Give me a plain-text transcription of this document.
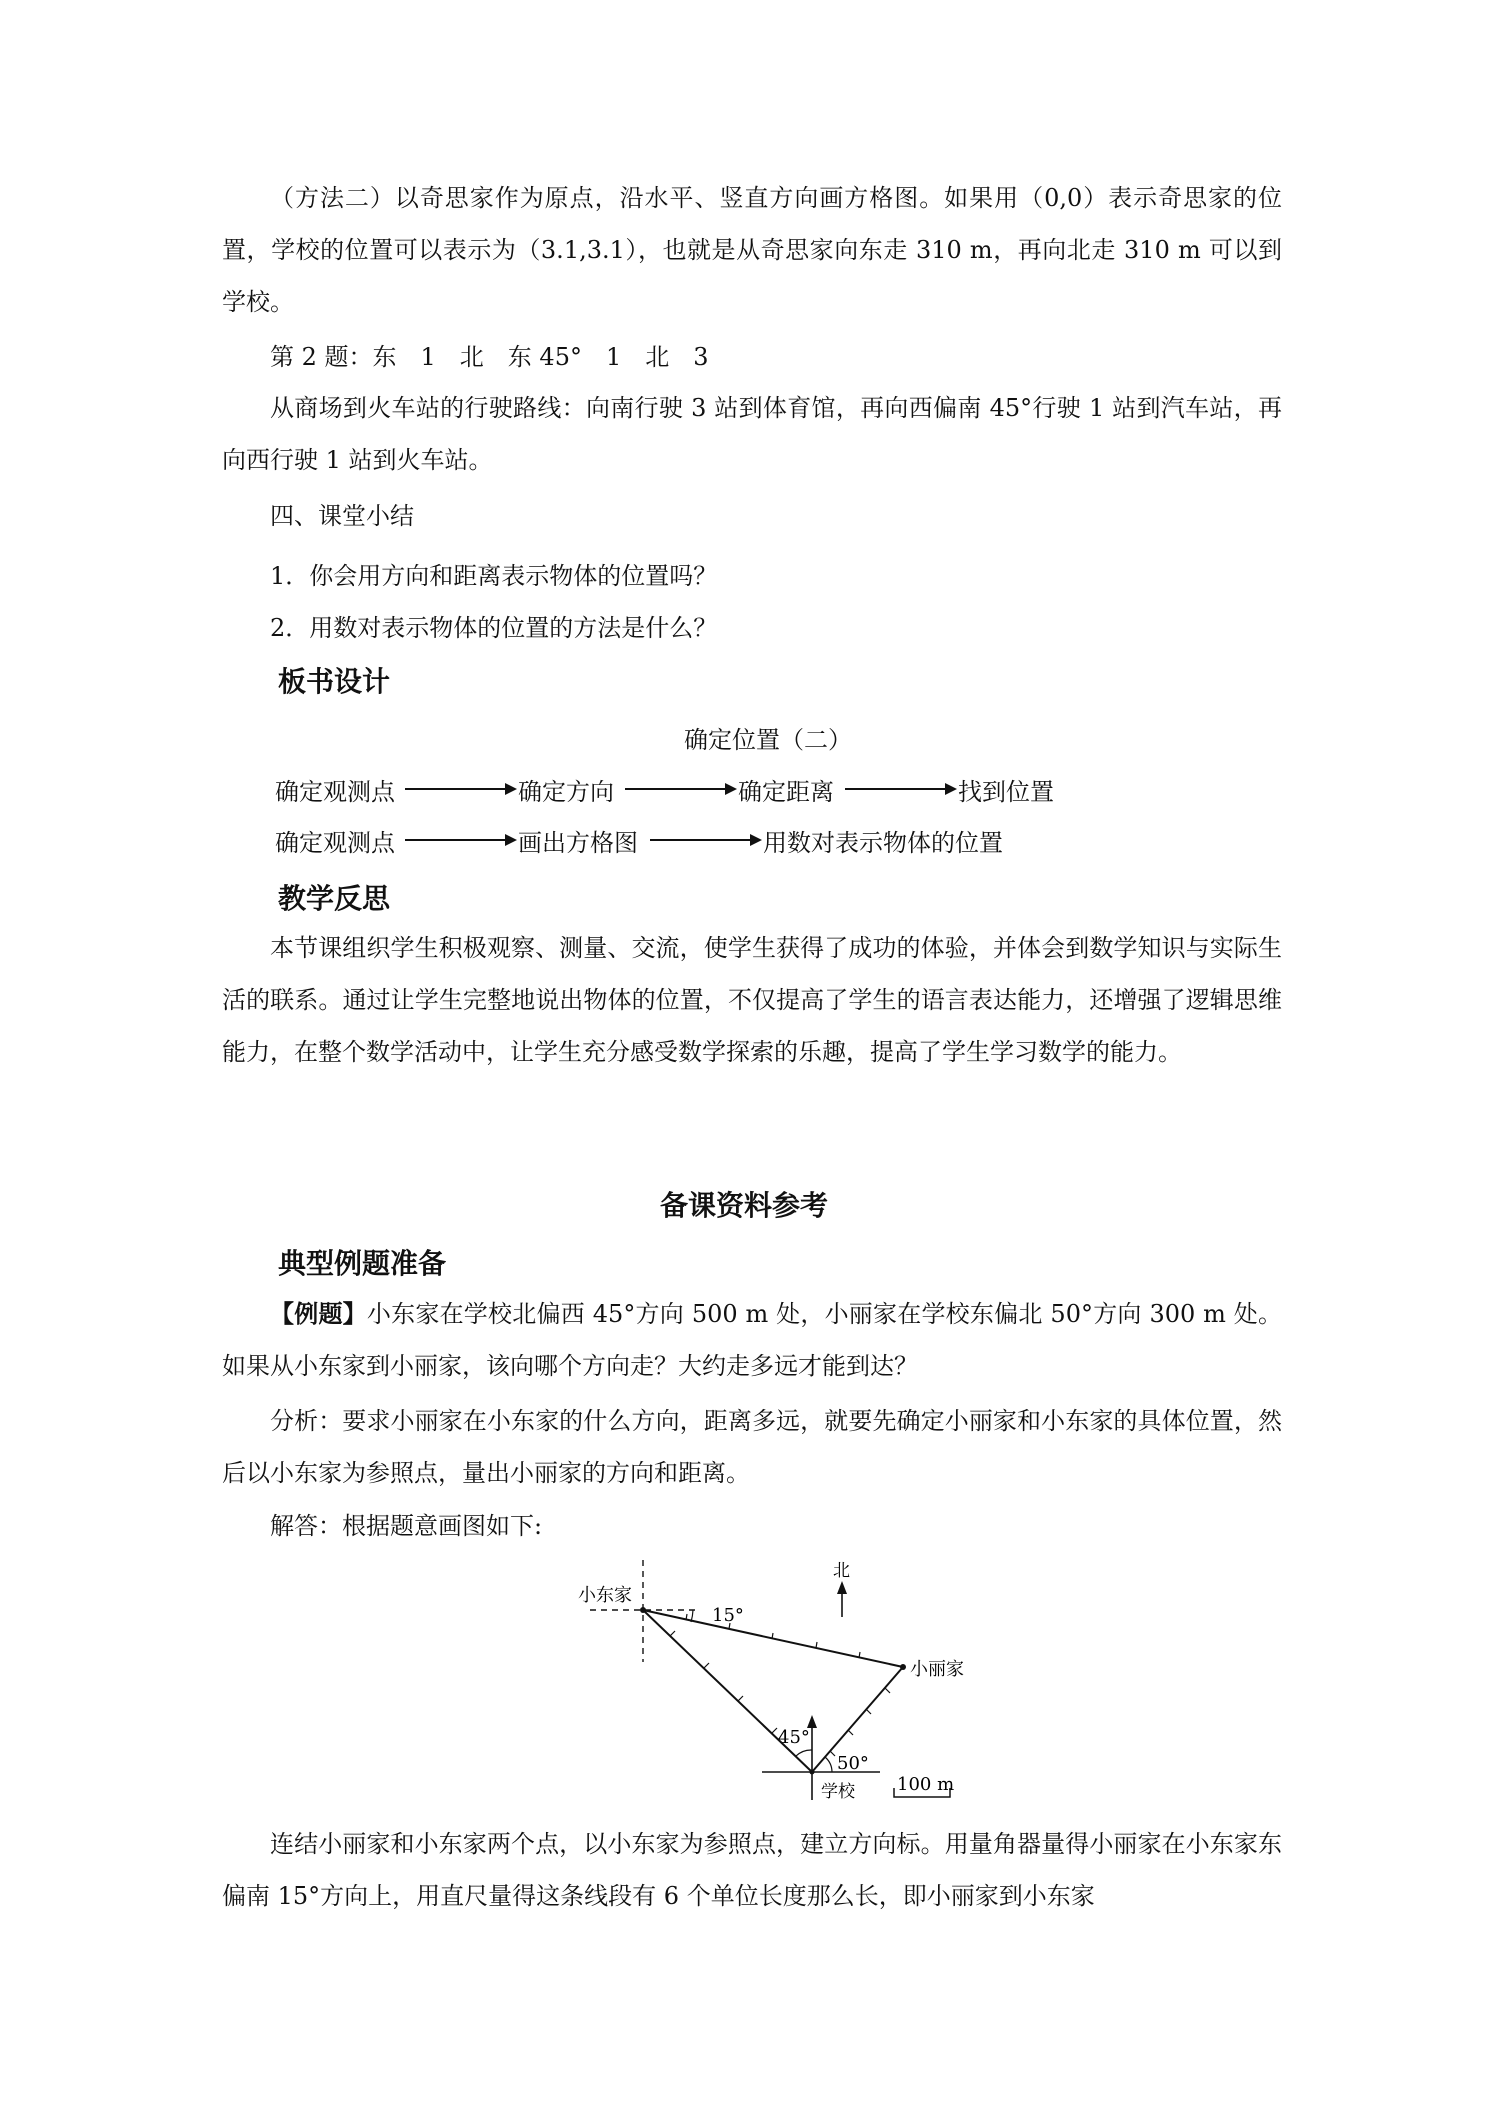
（方法二）以奇思家作为原点，沿水平、竖直方向画方格图。如果用（0,0）表示奇思家的位置，学校的位置可以表示为（3.1,3.1），也就是从奇思家向东走 310 m，再向北走 310 m 可以到学校。
第 2 题：东　1　北　东 45°　1　北　3
从商场到火车站的行驶路线：向南行驶 3 站到体育馆，再向西偏南 45°行驶 1 站到汽车站，再向西行驶 1 站到火车站。
四、课堂小结
1．你会用方向和距离表示物体的位置吗？
2．用数对表示物体的位置的方法是什么？
板书设计
确定位置（二）
确定观测点	确定方向	确定距离	找到位置
确定观测点	画出方格图	用数对表示物体的位置
教学反思
本节课组织学生积极观察、测量、交流，使学生获得了成功的体验，并体会到数学知识与实际生活的联系。通过让学生完整地说出物体的位置，不仅提高了学生的语言表达能力，还增强了逻辑思维能力，在整个数学活动中，让学生充分感受数学探索的乐趣，提高了学生学习数学的能力。
备课资料参考
典型例题准备
【例题】小东家在学校北偏西 45°方向 500 m 处，小丽家在学校东偏北 50°方向 300 m 处。如果从小东家到小丽家，该向哪个方向走？大约走多远才能到达？
分析：要求小丽家在小东家的什么方向，距离多远，就要先确定小丽家和小东家的具体位置，然后以小东家为参照点，量出小丽家的方向和距离。
解答：根据题意画图如下:
北
小东家
小丽家
15°
45°
50°
学校 100 m
连结小丽家和小东家两个点，以小东家为参照点，建立方向标。用量角器量得小丽家在小东家东偏南 15°方向上，用直尺量得这条线段有 6 个单位长度那么长，即小丽家到小东家
